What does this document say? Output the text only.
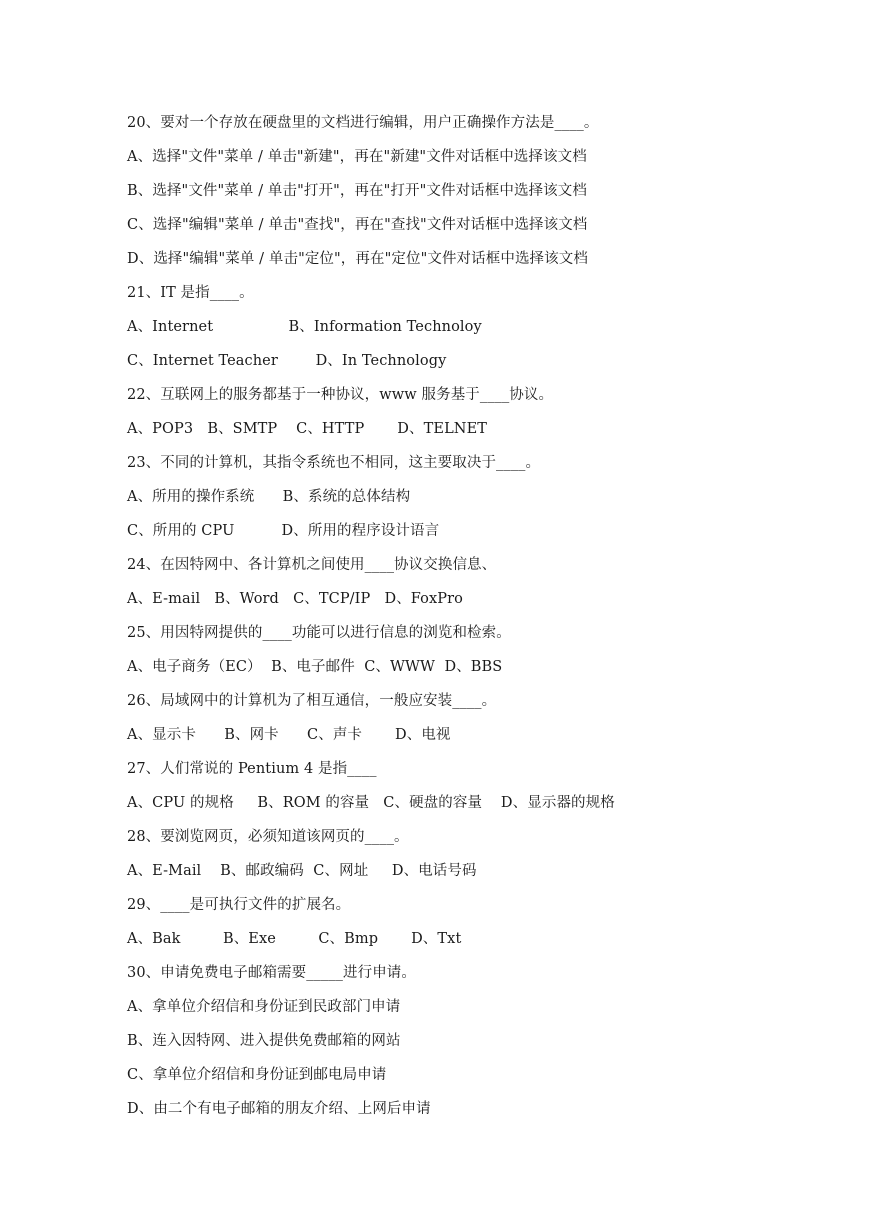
20、要对一个存放在硬盘里的文档进行编辑，用户正确操作方法是____。
A、选择"文件"菜单 / 单击"新建"，再在"新建"文件对话框中选择该文档
B、选择"文件"菜单 / 单击"打开"，再在"打开"文件对话框中选择该文档
C、选择"编辑"菜单 / 单击"查找"，再在"查找"文件对话框中选择该文档
D、选择"编辑"菜单 / 单击"定位"，再在"定位"文件对话框中选择该文档
21、IT 是指____。
A、Internet                B、Information Technoloy
C、Internet Teacher        D、In Technology
22、互联网上的服务都基于一种协议，www 服务基于____协议。
A、POP3   B、SMTP    C、HTTP       D、TELNET
23、不同的计算机，其指令系统也不相同，这主要取决于____。
A、所用的操作系统      B、系统的总体结构
C、所用的 CPU          D、所用的程序设计语言
24、在因特网中、各计算机之间使用____协议交换信息、
A、E-mail   B、Word   C、TCP/IP   D、FoxPro
25、用因特网提供的____功能可以进行信息的浏览和检索。
A、电子商务（EC）  B、电子邮件  C、WWW  D、BBS
26、局域网中的计算机为了相互通信，一般应安装____。
A、显示卡      B、网卡      C、声卡       D、电视
27、人们常说的 Pentium 4 是指____
A、CPU 的规格     B、ROM 的容量   C、硬盘的容量    D、显示器的规格
28、要浏览网页，必须知道该网页的____。
A、E-Mail    B、邮政编码  C、网址     D、电话号码
29、____是可执行文件的扩展名。
A、Bak         B、Exe         C、Bmp       D、Txt
30、申请免费电子邮箱需要_____进行申请。
A、拿单位介绍信和身份证到民政部门申请
B、连入因特网、进入提供免费邮箱的网站
C、拿单位介绍信和身份证到邮电局申请
D、由二个有电子邮箱的朋友介绍、上网后申请
